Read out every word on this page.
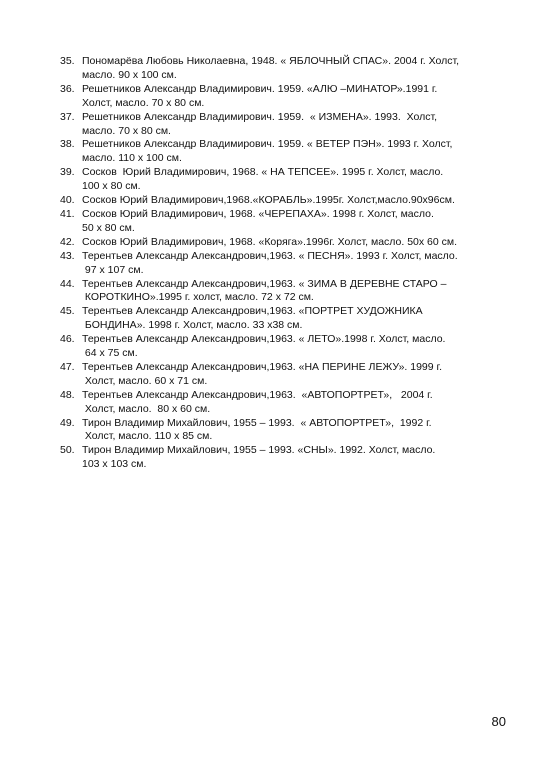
35. Пономарёва Любовь Николаевна, 1948. « ЯБЛОЧНЫЙ СПАС». 2004 г. Холст,
масло. 90 х 100 см.
36. Решетников Александр Владимирович. 1959. «АЛЮ –МИНАТОР».1991 г.
Холст, масло. 70 х 80 см.
37. Решетников Александр Владимирович. 1959.  « ИЗМЕНА». 1993.  Холст,
масло. 70 х 80 см.
38. Решетников Александр Владимирович. 1959. « ВЕТЕР ПЭН». 1993 г. Холст,
масло. 110 х 100 см.
39. Сосков  Юрий Владимирович, 1968. « НА ТЕПСЕЕ». 1995 г. Холст, масло.
100 х 80 см.
40. Сосков Юрий Владимирович,1968.«КОРАБЛЬ».1995г. Холст,масло.90х96см.
41. Сосков Юрий Владимирович, 1968. «ЧЕРЕПАХА». 1998 г. Холст, масло.
50 х 80 см.
42. Сосков Юрий Владимирович, 1968. «Коряга».1996г. Холст, масло. 50х 60 см.
43. Терентьев Александр Александрович,1963. « ПЕСНЯ». 1993 г. Холст, масло.
97 х 107 см.
44. Терентьев Александр Александрович,1963. « ЗИМА В ДЕРЕВНЕ СТАРО –
КОРОТКИНО».1995 г. холст, масло. 72 х 72 см.
45. Терентьев Александр Александрович,1963. «ПОРТРЕТ ХУДОЖНИКА
БОНДИНА». 1998 г. Холст, масло. 33 х38 см.
46. Терентьев Александр Александрович,1963. « ЛЕТО».1998 г. Холст, масло.
64 х 75 см.
47. Терентьев Александр Александрович,1963. «НА ПЕРИНЕ ЛЕЖУ». 1999 г.
Холст, масло. 60 х 71 см.
48. Терентьев Александр Александрович,1963.  «АВТОПОРТРЕТ»,   2004 г.
Холст, масло.  80 х 60 см.
49. Тирон Владимир Михайлович, 1955 – 1993.  « АВТОПОРТРЕТ»,  1992 г.
Холст, масло. 110 х 85 см.
50. Тирон Владимир Михайлович, 1955 – 1993. «СНЫ». 1992. Холст, масло.
103 х 103 см.
80
